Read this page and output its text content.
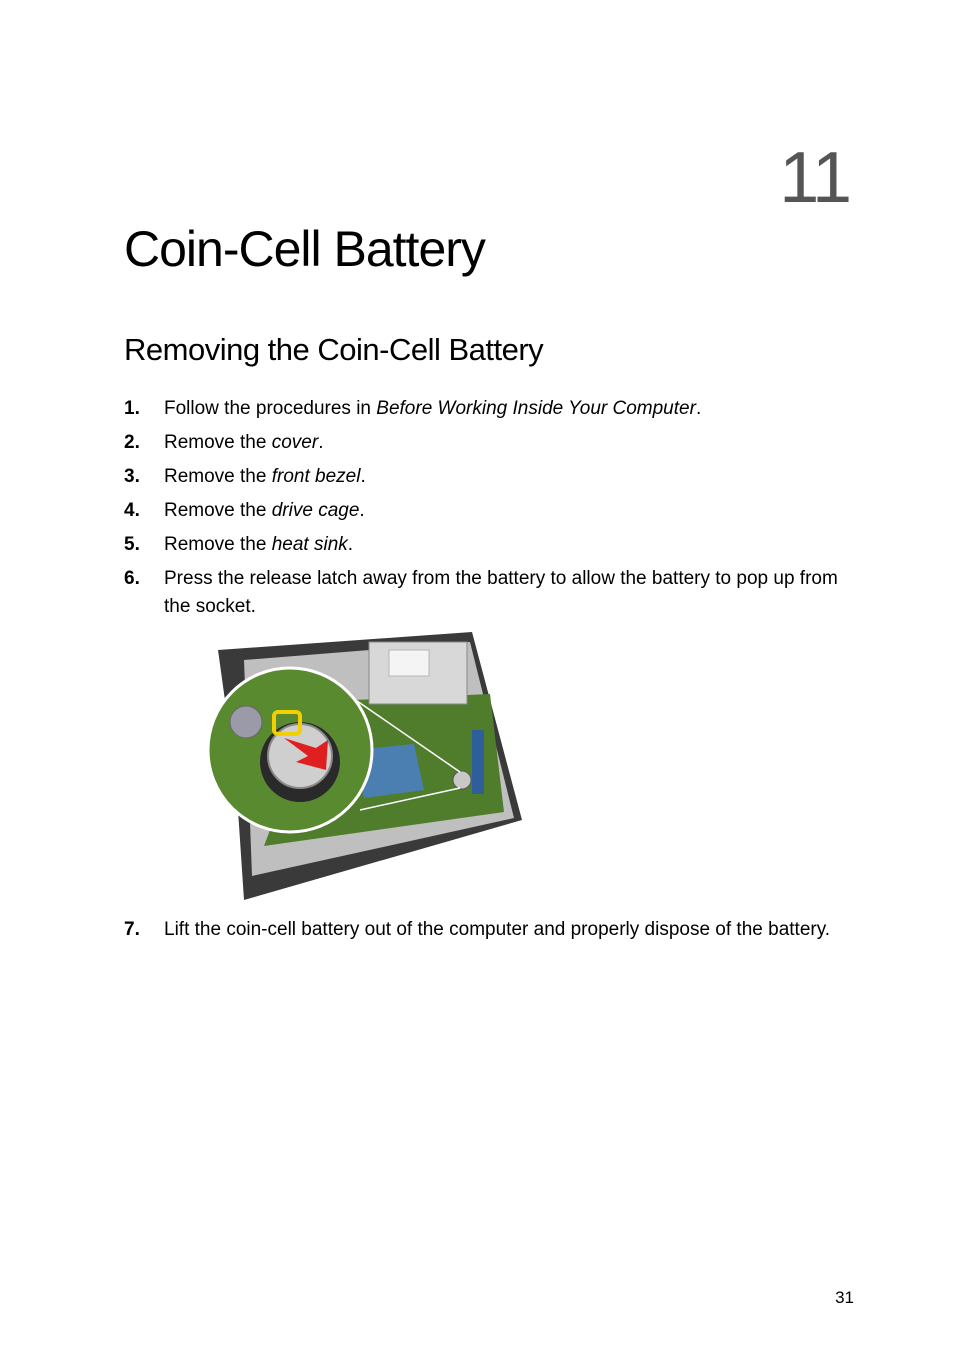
11
Coin-Cell Battery
Removing the Coin-Cell Battery
1. Follow the procedures in Before Working Inside Your Computer.
2. Remove the cover.
3. Remove the front bezel.
4. Remove the drive cage.
5. Remove the heat sink.
6. Press the release latch away from the battery to allow the battery to pop up from the socket.
7.	Lift the coin-cell battery out of the computer and properly dispose of the battery.
31
